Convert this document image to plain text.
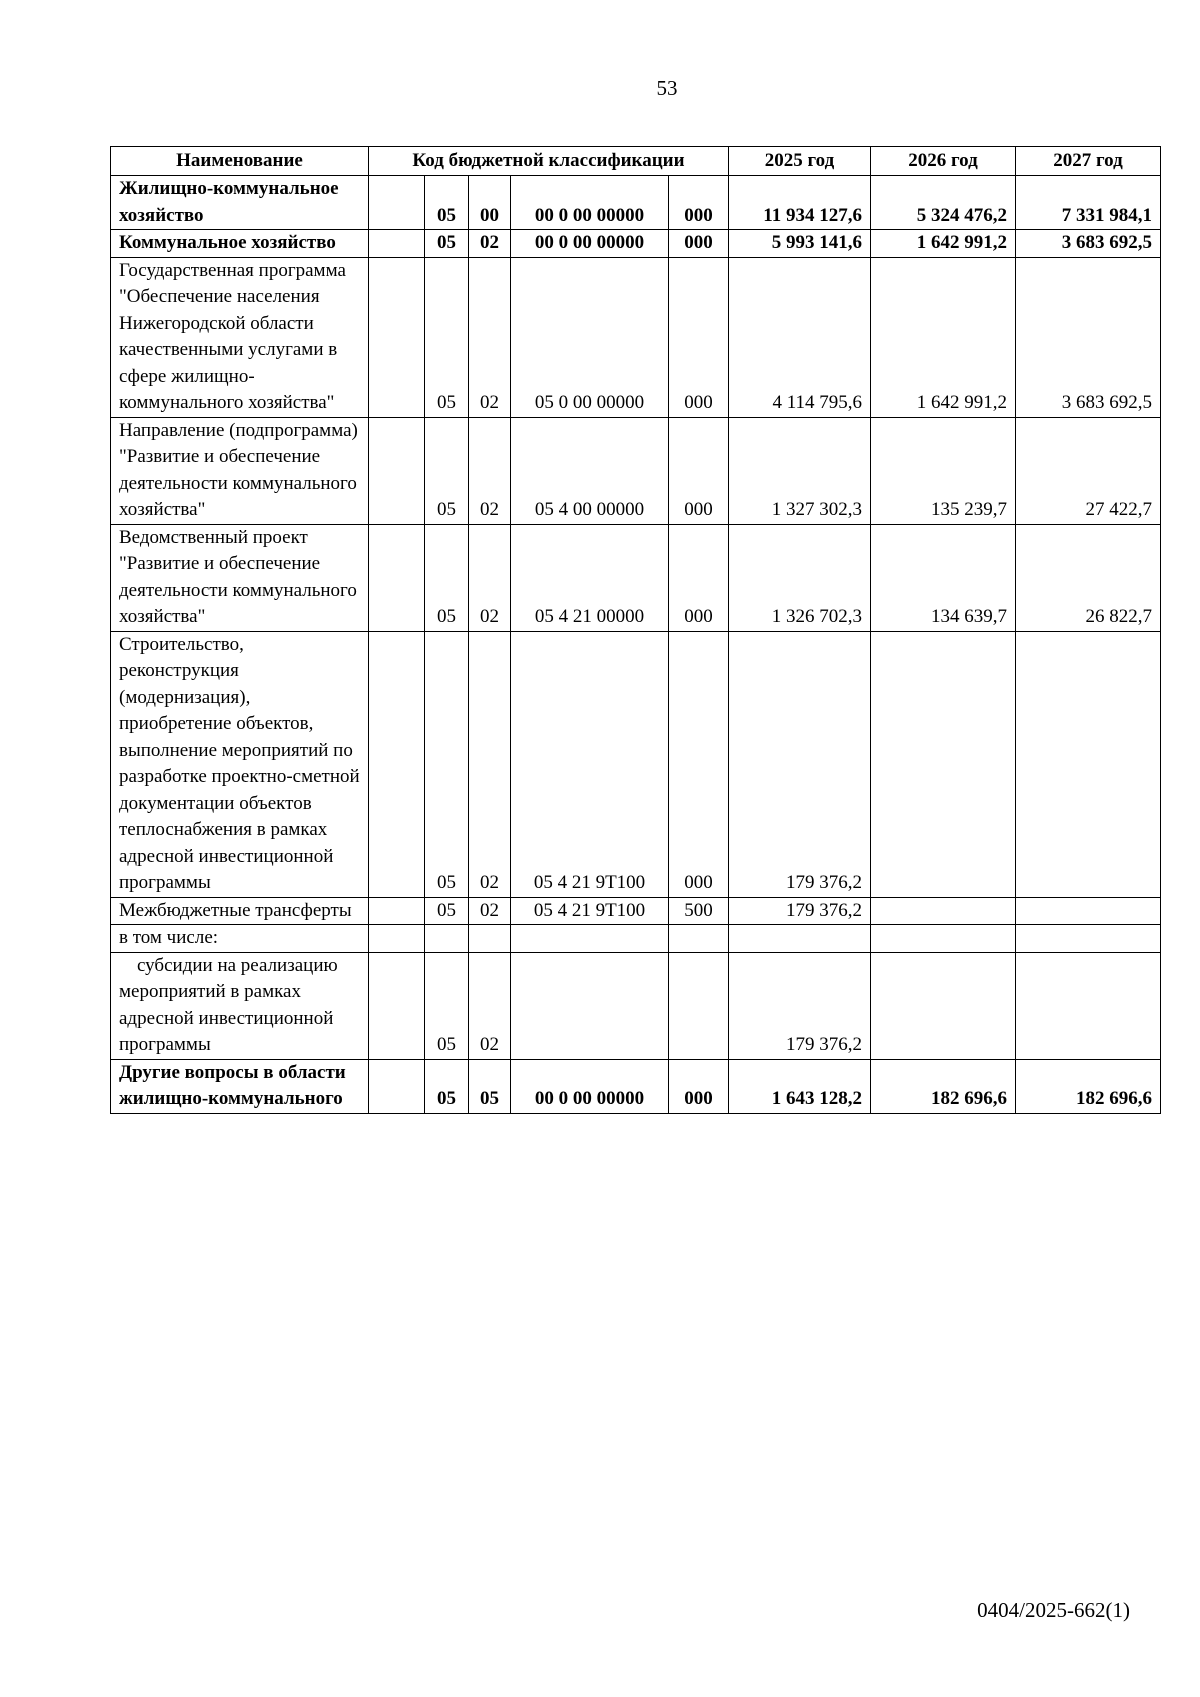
53
Наименование	Код бюджетной классификации					2025 год	2026 год	2027 год
Жилищно-коммунальное хозяйство		05	00	00 0 00 00000	000	11 934 127,6	5 324 476,2	7 331 984,1
Коммунальное хозяйство		05	02	00 0 00 00000	000	5 993 141,6	1 642 991,2	3 683 692,5
Государственная программа "Обеспечение населения Нижегородской области качественными услугами в сфере жилищно-коммунального хозяйства"		05	02	05 0 00 00000	000	4 114 795,6	1 642 991,2	3 683 692,5
Направление (подпрограмма) "Развитие и обеспечение деятельности коммунального хозяйства"		05	02	05 4 00 00000	000	1 327 302,3	135 239,7	27 422,7
Ведомственный проект "Развитие и обеспечение деятельности коммунального хозяйства"		05	02	05 4 21 00000	000	1 326 702,3	134 639,7	26 822,7
Строительство, реконструкция (модернизация), приобретение объектов, выполнение мероприятий по разработке проектно-сметной документации объектов теплоснабжения в рамках адресной инвестиционной программы		05	02	05 4 21 9Т100	000	179 376,2		
Межбюджетные трансферты		05	02	05 4 21 9Т100	500	179 376,2		
в том числе:								
субсидии на реализацию мероприятий в рамках адресной инвестиционной программы		05	02			179 376,2		
Другие вопросы в области жилищно-коммунального		05	05	00 0 00 00000	000	1 643 128,2	182 696,6	182 696,6
0404/2025-662(1)
